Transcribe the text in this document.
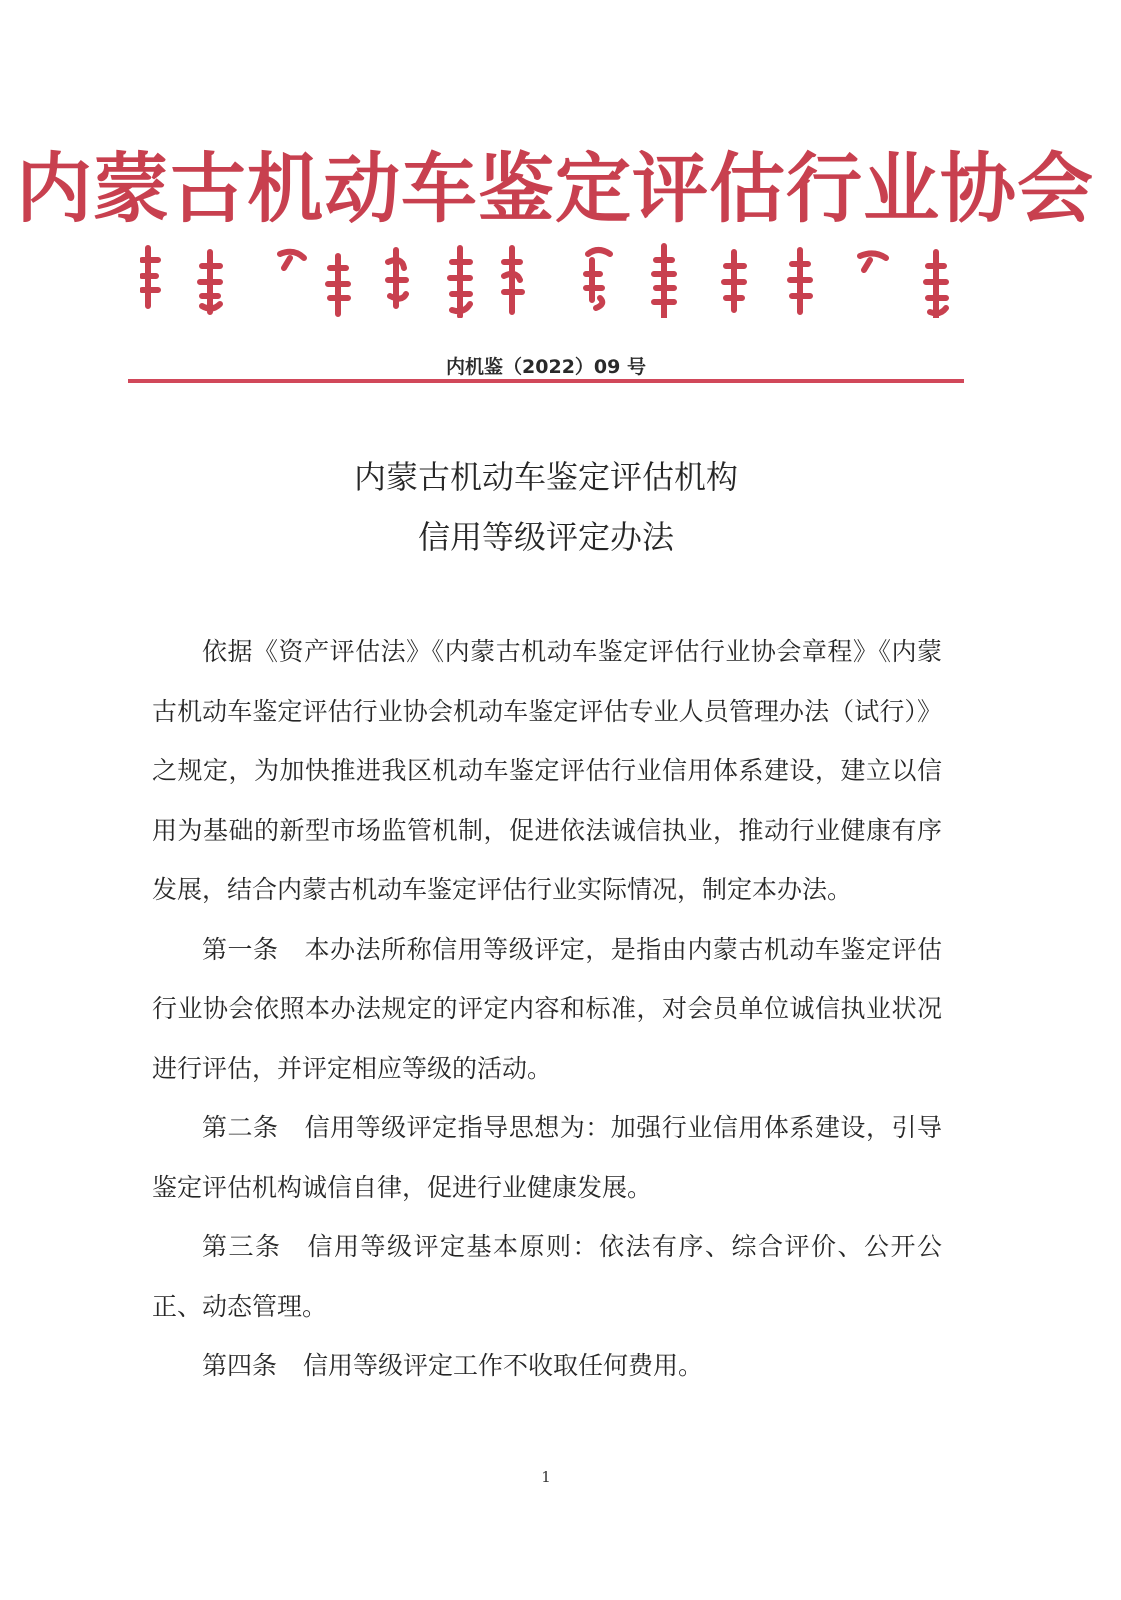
内蒙古机动车鉴定评估行业协会
内机鉴（2022）09 号
内蒙古机动车鉴定评估机构
信用等级评定办法

依据《资产评估法》《内蒙古机动车鉴定评估行业协会章程》《内蒙古机动车鉴定评估行业协会机动车鉴定评估专业人员管理办法（试行）》之规定，为加快推进我区机动车鉴定评估行业信用体系建设，建立以信用为基础的新型市场监管机制，促进依法诚信执业，推动行业健康有序发展，结合内蒙古机动车鉴定评估行业实际情况，制定本办法。

第一条 本办法所称信用等级评定，是指由内蒙古机动车鉴定评估行业协会依照本办法规定的评定内容和标准，对会员单位诚信执业状况进行评估，并评定相应等级的活动。

第二条 信用等级评定指导思想为：加强行业信用体系建设，引导鉴定评估机构诚信自律，促进行业健康发展。

第三条 信用等级评定基本原则：依法有序、综合评价、公开公正、动态管理。

第四条 信用等级评定工作不收取任何费用。

1
